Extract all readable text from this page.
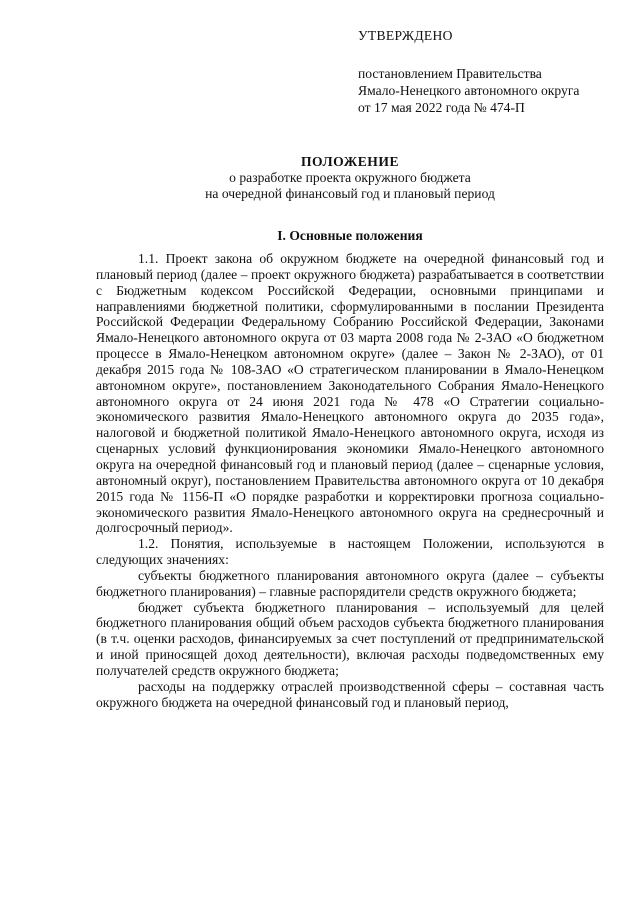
УТВЕРЖДЕНО
постановлением Правительства
Ямало-Ненецкого автономного округа
от 17 мая 2022 года № 474-П
ПОЛОЖЕНИЕ
о разработке проекта окружного бюджета
на очередной финансовый год и плановый период
I. Основные положения

1.1. Проект закона об окружном бюджете на очередной финансовый год и плановый период (далее – проект окружного бюджета) разрабатывается в соответствии с Бюджетным кодексом Российской Федерации, основными принципами и направлениями бюджетной политики, сформулированными в послании Президента Российской Федерации Федеральному Собранию Российской Федерации, Законами Ямало-Ненецкого автономного округа от 03 марта 2008 года № 2-ЗАО «О бюджетном процессе в Ямало-Ненецком автономном округе» (далее – Закон № 2-ЗАО), от 01 декабря 2015 года № 108-ЗАО «О стратегическом планировании в Ямало-Ненецком автономном округе», постановлением Законодательного Собрания Ямало-Ненецкого автономного округа от 24 июня 2021 года № 478 «О Стратегии социально-экономического развития Ямало-Ненецкого автономного округа до 2035 года», налоговой и бюджетной политикой Ямало-Ненецкого автономного округа, исходя из сценарных условий функционирования экономики Ямало-Ненецкого автономного округа на очередной финансовый год и плановый период (далее – сценарные условия, автономный округ), постановлением Правительства автономного округа от 10 декабря 2015 года № 1156-П «О порядке разработки и корректировки прогноза социально-экономического развития Ямало-Ненецкого автономного округа на среднесрочный и долгосрочный период».

1.2. Понятия, используемые в настоящем Положении, используются в следующих значениях:

субъекты бюджетного планирования автономного округа (далее – субъекты бюджетного планирования) – главные распорядители средств окружного бюджета;

бюджет субъекта бюджетного планирования – используемый для целей бюджетного планирования общий объем расходов субъекта бюджетного планирования (в т.ч. оценки расходов, финансируемых за счет поступлений от предпринимательской и иной приносящей доход деятельности), включая расходы подведомственных ему получателей средств окружного бюджета;

расходы на поддержку отраслей производственной сферы – составная часть окружного бюджета на очередной финансовый год и плановый период,
